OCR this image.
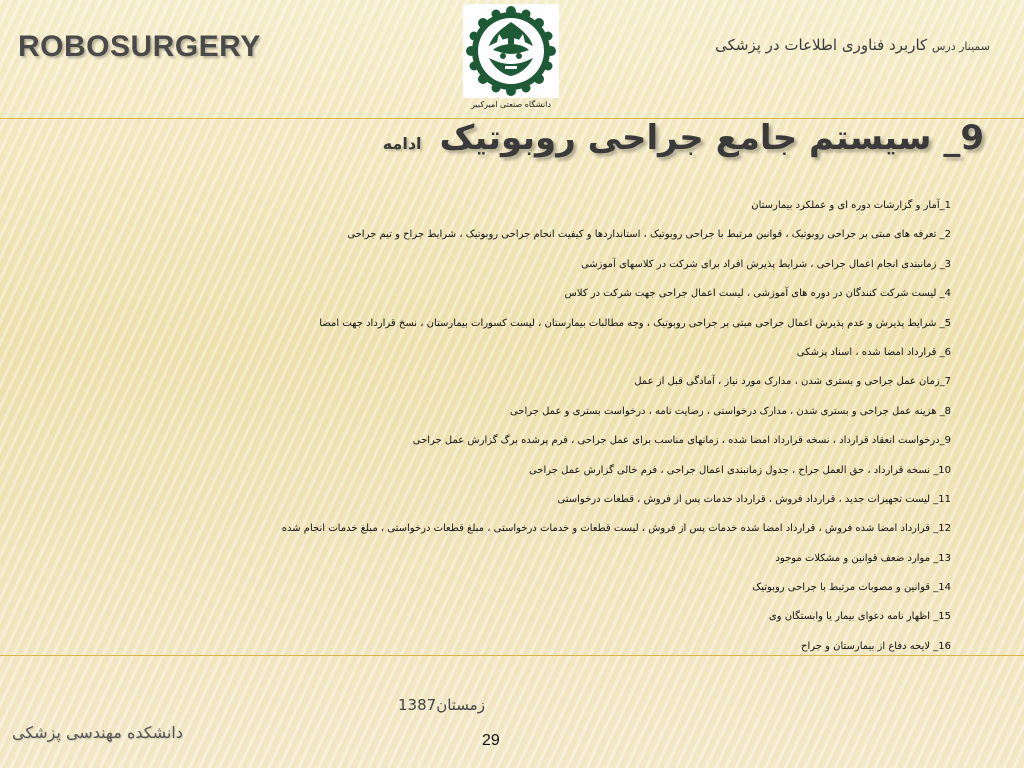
ROBOSURGERY	سمینار درس کاربرد فناوری اطلاعات در پزشکی
دانشگاه صنعتی امیرکبیر
9_ سیستم جامع جراحی روبوتیک
ادامه
1_آمار و گزارشات دوره ای و عملکرد بیمارستان
2_ تعرفه های مبتی بر جراحی روبوتیک ، قوانین مرتبط با جراحی روبوتیک ، استانداردها و کیفیت انجام جراحی روبوتیک ، شرایط جراح و تیم جراحی
3_ زمانبندی انجام اعمال جراحی ، شرایط پذیرش افراد برای شرکت در کلاسهای آموزشی
4_ لیست شرکت کنندگان در دوره های آموزشی ، لیست اعمال جراحی جهت شرکت در کلاس
5_ شرایط پذیرش و عدم پذیرش اعمال جراحی مبتی بر جراحی روبوتیک ، وجه مطالبات بیمارستان ، لیست کسورات بیمارستان ، نسخ قرارداد جهت امضا
6_ قرارداد امضا شده ، اسناد پزشکی
7_زمان عمل جراحی و بستری شدن ، مدارک مورد نیاز ، آمادگی قبل از عمل
8_ هزینه عمل جراحی و بستری شدن ، مدارک درخواستی ، رضایت نامه ، درخواست بستری و عمل جراحی
9_درخواست انعقاد قرارداد ، نسخه قرارداد امضا شده ، زمانهای مناسب برای عمل جراحی ، فرم پرشده برگ گزارش عمل جراحی
10_ نسخه قرارداد ، حق العمل جراح ، جدول زمانبندی اعمال جراحی ، فرم خالی گزارش عمل جراحی
11_ لیست تجهیزات جدید ، قرارداد فروش ، قرارداد خدمات پس از فروش ، قطعات درخواستی
12_ قرارداد امضا شده فروش ، قرارداد امضا شده خدمات پس از فروش ، لیست قطعات و خدمات درخواستی ، مبلغ قطعات درخواستی ، مبلغ خدمات انجام شده
13_ موارد ضعف قوانین و مشکلات موجود
14_ قوانین و مصوبات مرتبط با جراحی روبوتیک
15_ اظهار نامه دعوای بیمار یا وابستگان وی
16_ لایحه دفاع از بیمارستان و جراح
زمستان1387
دانشکده مهندسی پزشکی	29
